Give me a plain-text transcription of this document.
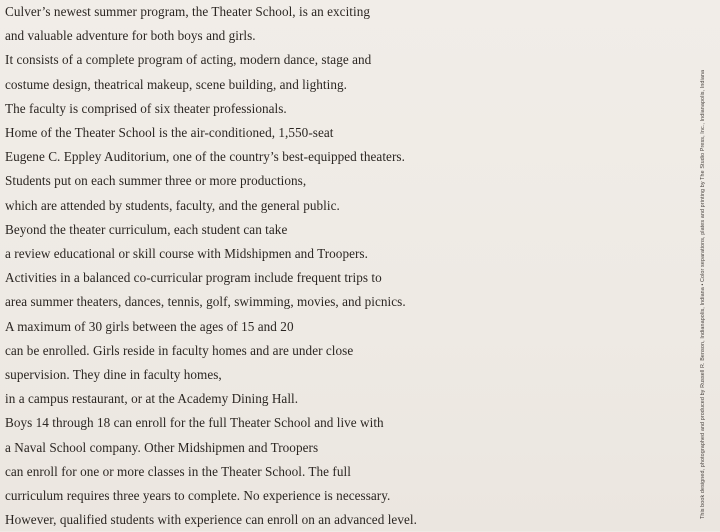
Culver’s newest summer program, the Theater School, is an exciting
and valuable adventure for both boys and girls.
It consists of a complete program of acting, modern dance, stage and
costume design, theatrical makeup, scene building, and lighting.
The faculty is comprised of six theater professionals.
Home of the Theater School is the air-conditioned, 1,550-seat
Eugene C. Eppley Auditorium, one of the country’s best-equipped theaters.
Students put on each summer three or more productions,
which are attended by students, faculty, and the general public.
Beyond the theater curriculum, each student can take
a review educational or skill course with Midshipmen and Troopers.
Activities in a balanced co-curricular program include frequent trips to
area summer theaters, dances, tennis, golf, swimming, movies, and picnics.
A maximum of 30 girls between the ages of 15 and 20
can be enrolled. Girls reside in faculty homes and are under close
supervision. They dine in faculty homes,
in a campus restaurant, or at the Academy Dining Hall.
Boys 14 through 18 can enroll for the full Theater School and live with
a Naval School company. Other Midshipmen and Troopers
can enroll for one or more classes in the Theater School. The full
curriculum requires three years to complete. No experience is necessary.
However, qualified students with experience can enroll on an advanced level.
This book designed, photographed and produced by Russell R. Benson, Indianapolis, Indiana • Color separations, plates and printing by The Studio Press, Inc., Indianapolis, Indiana
